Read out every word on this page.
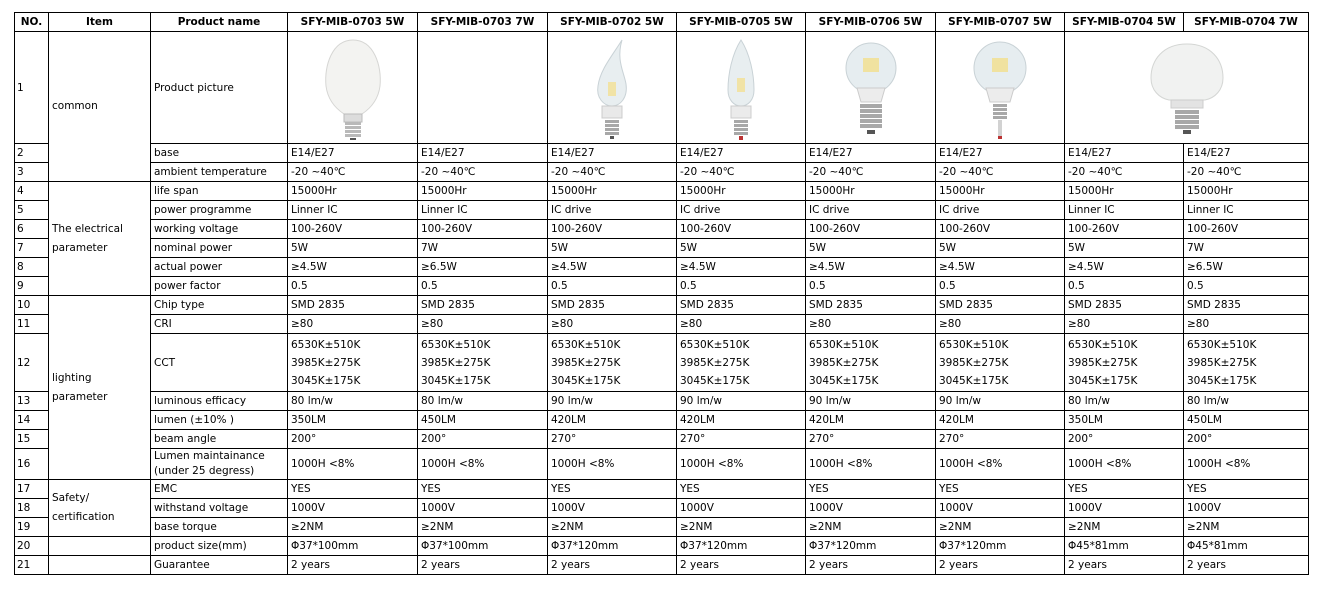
NO.	Item	Product name	SFY-MIB-0703 5W	SFY-MIB-0703 7W	SFY-MIB-0702 5W	SFY-MIB-0705 5W	SFY-MIB-0706 5W	SFY-MIB-0707 5W	SFY-MIB-0704 5W	SFY-MIB-0704 7W
1	common	Product picture							
2		base	E14/E27	E14/E27	E14/E27	E14/E27	E14/E27	E14/E27	E14/E27	E14/E27
3		ambient temperature	-20 ~40℃	-20 ~40℃	-20 ~40℃	-20 ~40℃	-20 ~40℃	-20 ~40℃	-20 ~40℃	-20 ~40℃
4	The electrical parameter	life span	15000Hr	15000Hr	15000Hr	15000Hr	15000Hr	15000Hr	15000Hr	15000Hr
5		power programme	Linner IC	Linner IC	IC drive	IC drive	IC drive	IC drive	Linner IC	Linner IC
6		working voltage	100-260V	100-260V	100-260V	100-260V	100-260V	100-260V	100-260V	100-260V
7		nominal power	5W	7W	5W	5W	5W	5W	5W	7W
8		actual power	≥4.5W	≥6.5W	≥4.5W	≥4.5W	≥4.5W	≥4.5W	≥4.5W	≥6.5W
9		power factor	0.5	0.5	0.5	0.5	0.5	0.5	0.5	0.5
10	lighting parameter	Chip type	SMD 2835	SMD 2835	SMD 2835	SMD 2835	SMD 2835	SMD 2835	SMD 2835	SMD 2835
11		CRI	≥80	≥80	≥80	≥80	≥80	≥80	≥80	≥80
12		CCT	6530K±510K
3985K±275K
3045K±175K	6530K±510K
3985K±275K
3045K±175K	6530K±510K
3985K±275K
3045K±175K	6530K±510K
3985K±275K
3045K±175K	6530K±510K
3985K±275K
3045K±175K	6530K±510K
3985K±275K
3045K±175K	6530K±510K
3985K±275K
3045K±175K	6530K±510K
3985K±275K
3045K±175K
13		luminous efficacy	80 lm/w	80 lm/w	90 lm/w	90 lm/w	90 lm/w	90 lm/w	80 lm/w	80 lm/w
14		lumen (±10% )	350LM	450LM	420LM	420LM	420LM	420LM	350LM	450LM
15		beam angle	200°	200°	270°	270°	270°	270°	200°	200°
16		Lumen maintainance
(under 25 degress)	1000H <8%	1000H <8%	1000H <8%	1000H <8%	1000H <8%	1000H <8%	1000H <8%	1000H <8%
17	Safety/ certification	EMC	YES	YES	YES	YES	YES	YES	YES	YES
18		withstand voltage	1000V	1000V	1000V	1000V	1000V	1000V	1000V	1000V
19		base torque	≥2NM	≥2NM	≥2NM	≥2NM	≥2NM	≥2NM	≥2NM	≥2NM
20		product size(mm)	Φ37*100mm	Φ37*100mm	Φ37*120mm	Φ37*120mm	Φ37*120mm	Φ37*120mm	Φ45*81mm	Φ45*81mm
21		Guarantee	2 years	2 years	2 years	2 years	2 years	2 years	2 years	2 years
